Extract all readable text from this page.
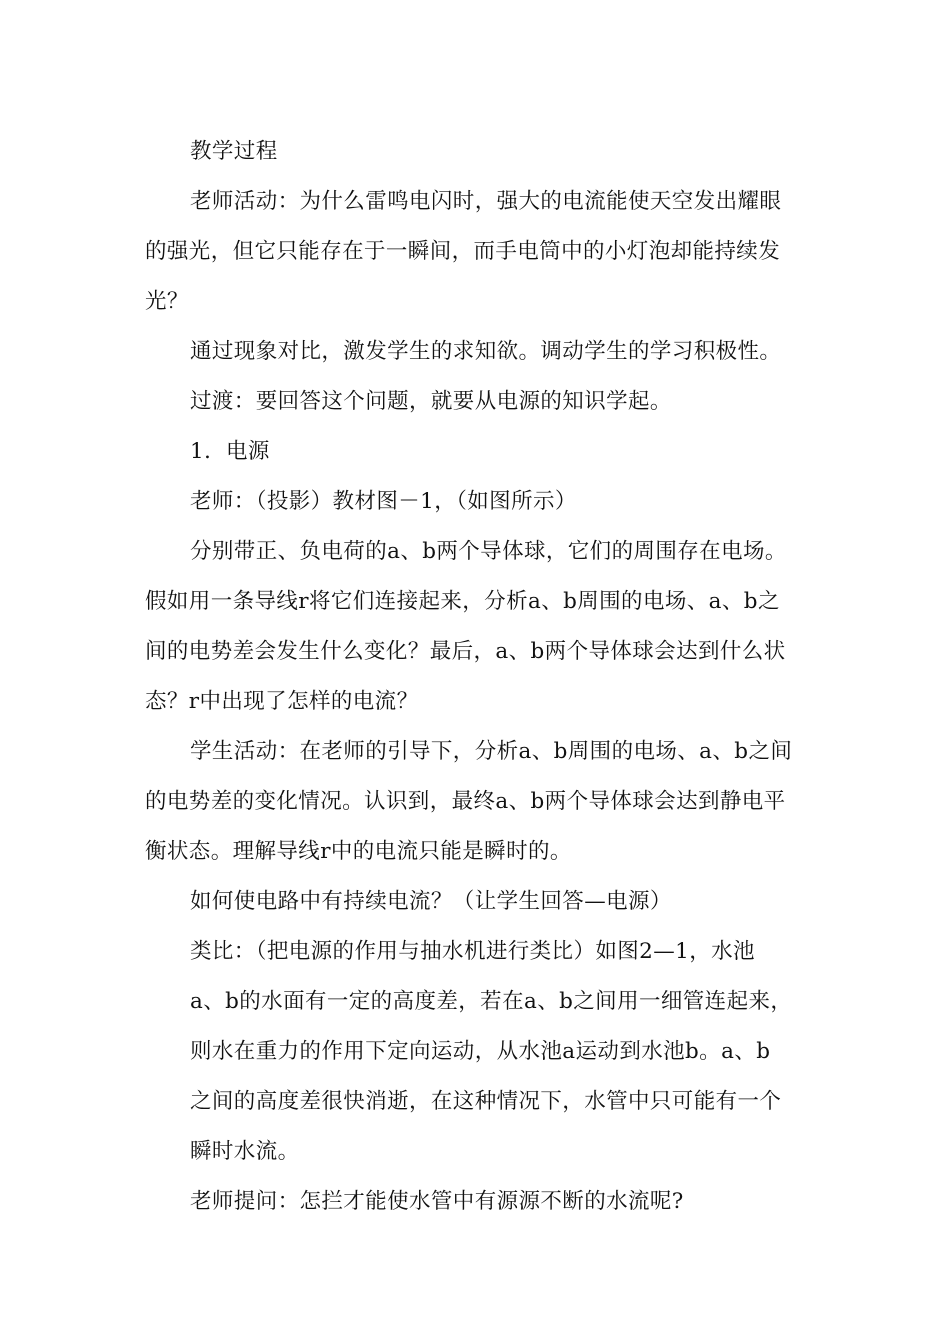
教学过程
老师活动：为什么雷鸣电闪时，强大的电流能使天空发出耀眼
的强光，但它只能存在于一瞬间，而手电筒中的小灯泡却能持续发
光？
通过现象对比，激发学生的求知欲。调动学生的学习积极性。
过渡：要回答这个问题，就要从电源的知识学起。
1．电源
老师：（投影）教材图－1，（如图所示）
分别带正、负电荷的a、b两个导体球，它们的周围存在电场。
假如用一条导线r将它们连接起来，分析a、b周围的电场、a、b之
间的电势差会发生什么变化？最后，a、b两个导体球会达到什么状
态？r中出现了怎样的电流？
学生活动：在老师的引导下，分析a、b周围的电场、a、b之间
的电势差的变化情况。认识到，最终a、b两个导体球会达到静电平
衡状态。理解导线r中的电流只能是瞬时的。
如何使电路中有持续电流？（让学生回答—电源）
类比：（把电源的作用与抽水机进行类比）如图2—1，水池
a、b的水面有一定的高度差，若在a、b之间用一细管连起来，
则水在重力的作用下定向运动，从水池a运动到水池b。a、b
之间的高度差很快消逝，在这种情况下，水管中只可能有一个
瞬时水流。
老师提问：怎拦才能使水管中有源源不断的水流呢?
